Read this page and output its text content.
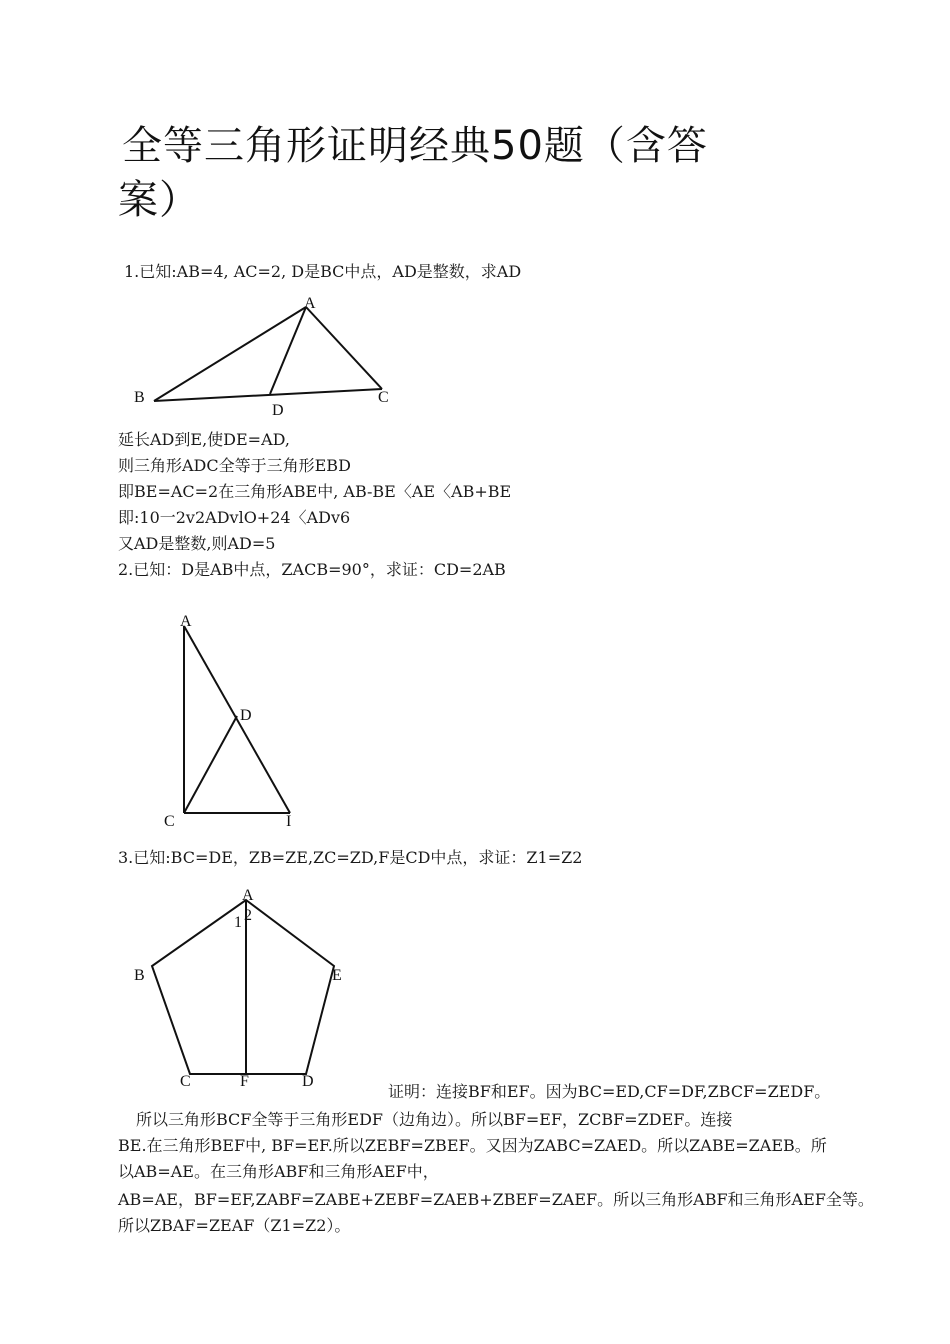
全等三角形证明经典50题（含答
案）
1.已知:AB=4, AC=2, D是BC中点，AD是整数，求AD
A
B	C
D
延长AD到E,使DE=AD,
则三角形ADC全等于三角形EBD
即BE=AC=2在三角形ABE中, AB-BE〈AE〈AB+BE
即:10一2v2ADvlO+24〈ADv6
又AD是整数,则AD=5
2.已知：D是AB中点，ZACB=90°，求证：CD=2AB
A
D
C	I
3.已知:BC=DE，ZB=ZE,ZC=ZD,F是CD中点，求证：Z1=Z2
A
1 2
B	E
C	F	D
证明：连接BF和EF。因为BC=ED,CF=DF,ZBCF=ZEDF。
所以三角形BCF全等于三角形EDF（边角边）。所以BF=EF，ZCBF=ZDEF。连接
BE.在三角形BEF中, BF=EF.所以ZEBF=ZBEF。又因为ZABC=ZAED。所以ZABE=ZAEB。所
以AB=AE。在三角形ABF和三角形AEF中，
AB=AE，BF=EF,ZABF=ZABE+ZEBF=ZAEB+ZBEF=ZAEF。所以三角形ABF和三角形AEF全等。
所以ZBAF=ZEAF（Z1=Z2）。
